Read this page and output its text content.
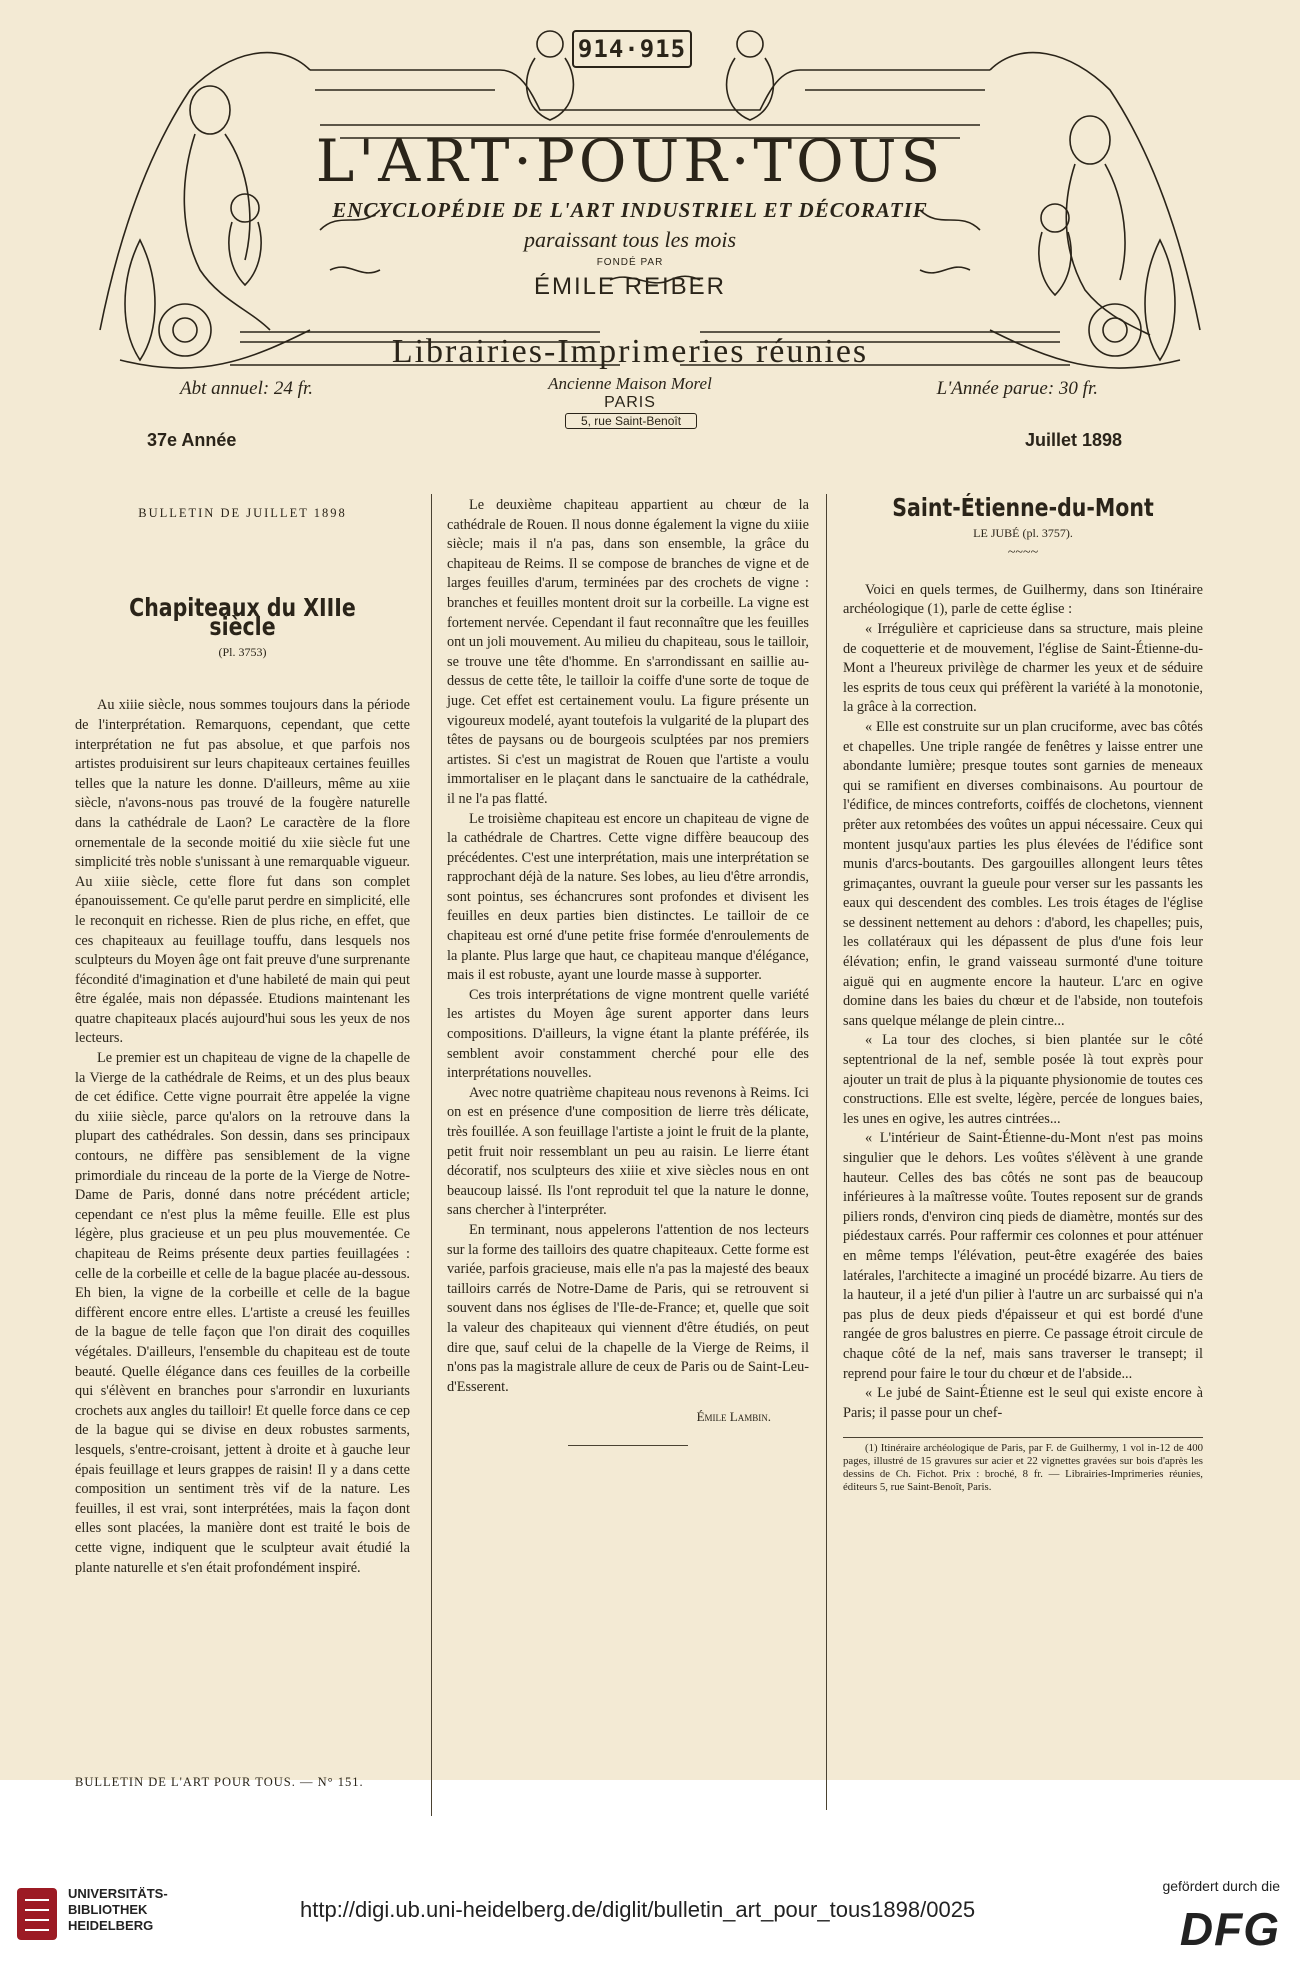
914·915
L'ART·POUR·TOUS
ENCYCLOPÉDIE DE L'ART INDUSTRIEL ET DÉCORATIF
paraissant tous les mois
FONDÉ PAR
ÉMILE REIBER
Librairies-Imprimeries réunies
Ancienne Maison Morel
PARIS
5, rue Saint-Benoît
Abt annuel: 24 fr.	L'Année parue: 30 fr.
37e Année	Juillet 1898
BULLETIN DE JUILLET 1898
Chapiteaux du XIIIe siècle
(Pl. 3753)

Au xiiie siècle, nous sommes toujours dans la période de l'interprétation. Remarquons, cependant, que cette interprétation ne fut pas absolue, et que parfois nos artistes produisirent sur leurs chapiteaux certaines feuilles telles que la nature les donne. D'ailleurs, même au xiie siècle, n'avons-nous pas trouvé de la fougère naturelle dans la cathédrale de Laon? Le caractère de la flore ornementale de la seconde moitié du xiie siècle fut une simplicité très noble s'unissant à une remarquable vigueur. Au xiiie siècle, cette flore fut dans son complet épanouissement. Ce qu'elle parut perdre en simplicité, elle le reconquit en richesse. Rien de plus riche, en effet, que ces chapiteaux au feuillage touffu, dans lesquels nos sculpteurs du Moyen âge ont fait preuve d'une surprenante fécondité d'imagination et d'une habileté de main qui peut être égalée, mais non dépassée. Etudions maintenant les quatre chapiteaux placés aujourd'hui sous les yeux de nos lecteurs.

Le premier est un chapiteau de vigne de la chapelle de la Vierge de la cathédrale de Reims, et un des plus beaux de cet édifice. Cette vigne pourrait être appelée la vigne du xiiie siècle, parce qu'alors on la retrouve dans la plupart des cathédrales. Son dessin, dans ses principaux contours, ne diffère pas sensiblement de la vigne primordiale du rinceau de la porte de la Vierge de Notre-Dame de Paris, donné dans notre précédent article; cependant ce n'est plus la même feuille. Elle est plus légère, plus gracieuse et un peu plus mouvementée. Ce chapiteau de Reims présente deux parties feuillagées : celle de la corbeille et celle de la bague placée au-dessous. Eh bien, la vigne de la corbeille et celle de la bague diffèrent encore entre elles. L'artiste a creusé les feuilles de la bague de telle façon que l'on dirait des coquilles végétales. D'ailleurs, l'ensemble du chapiteau est de toute beauté. Quelle élégance dans ces feuilles de la corbeille qui s'élèvent en branches pour s'arrondir en luxuriants crochets aux angles du tailloir! Et quelle force dans ce cep de la bague qui se divise en deux robustes sarments, lesquels, s'entre-croisant, jettent à droite et à gauche leur épais feuillage et leurs grappes de raisin! Il y a dans cette composition un sentiment très vif de la nature. Les feuilles, il est vrai, sont interprétées, mais la façon dont elles sont placées, la manière dont est traité le bois de cette vigne, indiquent que le sculpteur avait étudié la plante naturelle et s'en était profondément inspiré.

Le deuxième chapiteau appartient au chœur de la cathédrale de Rouen. Il nous donne également la vigne du xiiie siècle; mais il n'a pas, dans son ensemble, la grâce du chapiteau de Reims. Il se compose de branches de vigne et de larges feuilles d'arum, terminées par des crochets de vigne : branches et feuilles montent droit sur la corbeille. La vigne est fortement nervée. Cependant il faut reconnaître que les feuilles ont un joli mouvement. Au milieu du chapiteau, sous le tailloir, se trouve une tête d'homme. En s'arrondissant en saillie au-dessus de cette tête, le tailloir la coiffe d'une sorte de toque de juge. Cet effet est certainement voulu. La figure présente un vigoureux modelé, ayant toutefois la vulgarité de la plupart des têtes de paysans ou de bourgeois sculptées par nos premiers artistes. Si c'est un magistrat de Rouen que l'artiste a voulu immortaliser en le plaçant dans le sanctuaire de la cathédrale, il ne l'a pas flatté.

Le troisième chapiteau est encore un chapiteau de vigne de la cathédrale de Chartres. Cette vigne diffère beaucoup des précédentes. C'est une interprétation, mais une interprétation se rapprochant déjà de la nature. Ses lobes, au lieu d'être arrondis, sont pointus, ses échancrures sont profondes et divisent les feuilles en deux parties bien distinctes. Le tailloir de ce chapiteau est orné d'une petite frise formée d'enroulements de la plante. Plus large que haut, ce chapiteau manque d'élégance, mais il est robuste, ayant une lourde masse à supporter.

Ces trois interprétations de vigne montrent quelle variété les artistes du Moyen âge surent apporter dans leurs compositions. D'ailleurs, la vigne étant la plante préférée, ils semblent avoir constamment cherché pour elle des interprétations nouvelles.

Avec notre quatrième chapiteau nous revenons à Reims. Ici on est en présence d'une composition de lierre très délicate, très fouillée. A son feuillage l'artiste a joint le fruit de la plante, petit fruit noir ressemblant un peu au raisin. Le lierre étant décoratif, nos sculpteurs des xiiie et xive siècles nous en ont beaucoup laissé. Ils l'ont reproduit tel que la nature le donne, sans chercher à l'interpréter.

En terminant, nous appelerons l'attention de nos lecteurs sur la forme des tailloirs des quatre chapiteaux. Cette forme est variée, parfois gracieuse, mais elle n'a pas la majesté des beaux tailloirs carrés de Notre-Dame de Paris, qui se retrouvent si souvent dans nos églises de l'Ile-de-France; et, quelle que soit la valeur des chapiteaux qui viennent d'être étudiés, on peut dire que, sauf celui de la chapelle de la Vierge de Reims, il n'ons pas la magistrale allure de ceux de Paris ou de Saint-Leu-d'Esserent.

Émile Lambin.
Saint-Étienne-du-Mont
LE JUBÉ (pl. 3757).
~~~~

Voici en quels termes, de Guilhermy, dans son Itinéraire archéologique (1), parle de cette église :

« Irrégulière et capricieuse dans sa structure, mais pleine de coquetterie et de mouvement, l'église de Saint-Étienne-du-Mont a l'heureux privilège de charmer les yeux et de séduire les esprits de tous ceux qui préfèrent la variété à la monotonie, la grâce à la correction.

« Elle est construite sur un plan cruciforme, avec bas côtés et chapelles. Une triple rangée de fenêtres y laisse entrer une abondante lumière; presque toutes sont garnies de meneaux qui se ramifient en diverses combinaisons. Au pourtour de l'édifice, de minces contreforts, coiffés de clochetons, viennent prêter aux retombées des voûtes un appui nécessaire. Ceux qui montent jusqu'aux parties les plus élevées de l'édifice sont munis d'arcs-boutants. Des gargouilles allongent leurs têtes grimaçantes, ouvrant la gueule pour verser sur les passants les eaux qui descendent des combles. Les trois étages de l'église se dessinent nettement au dehors : d'abord, les chapelles; puis, les collatéraux qui les dépassent de plus d'une fois leur élévation; enfin, le grand vaisseau surmonté d'une toiture aiguë qui en augmente encore la hauteur. L'arc en ogive domine dans les baies du chœur et de l'abside, non toutefois sans quelque mélange de plein cintre...

« La tour des cloches, si bien plantée sur le côté septentrional de la nef, semble posée là tout exprès pour ajouter un trait de plus à la piquante physionomie de toutes ces constructions. Elle est svelte, légère, percée de longues baies, les unes en ogive, les autres cintrées...

« L'intérieur de Saint-Étienne-du-Mont n'est pas moins singulier que le dehors. Les voûtes s'élèvent à une grande hauteur. Celles des bas côtés ne sont pas de beaucoup inférieures à la maîtresse voûte. Toutes reposent sur de grands piliers ronds, d'environ cinq pieds de diamètre, montés sur des piédestaux carrés. Pour raffermir ces colonnes et pour atténuer en même temps l'élévation, peut-être exagérée des baies latérales, l'architecte a imaginé un procédé bizarre. Au tiers de la hauteur, il a jeté d'un pilier à l'autre un arc surbaissé qui n'a pas plus de deux pieds d'épaisseur et qui est bordé d'une rangée de gros balustres en pierre. Ce passage étroit circule de chaque côté de la nef, mais sans traverser le transept; il reprend pour faire le tour du chœur et de l'abside...

« Le jubé de Saint-Étienne est le seul qui existe encore à Paris; il passe pour un chef-

(1) Itinéraire archéologique de Paris, par F. de Guilhermy, 1 vol in-12 de 400 pages, illustré de 15 gravures sur acier et 22 vignettes gravées sur bois d'après les dessins de Ch. Fichot. Prix : broché, 8 fr. — Librairies-Imprimeries réunies, éditeurs 5, rue Saint-Benoît, Paris.

BULLETIN DE L'ART POUR TOUS. — N° 151.
UNIVERSITÄTS-
BIBLIOTHEK
HEIDELBERG
http://digi.ub.uni-heidelberg.de/diglit/bulletin_art_pour_tous1898/0025
gefördert durch die
DFG
